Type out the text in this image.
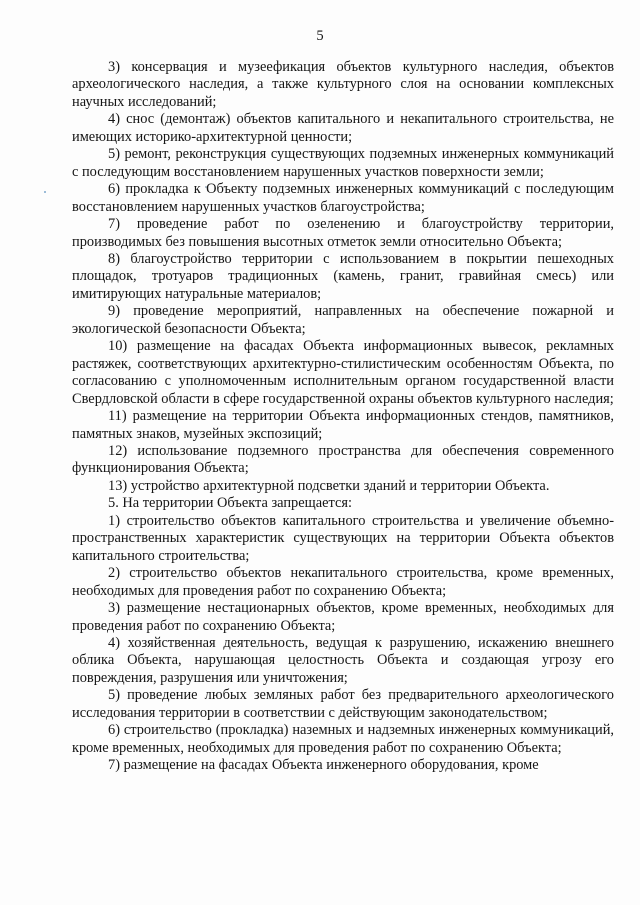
5

3) консервация и музеефикация объектов культурного наследия, объектов археологического наследия, а также культурного слоя на основании комплексных научных исследований;

4) снос (демонтаж) объектов капитального и некапитального строительства, не имеющих историко-архитектурной ценности;

5) ремонт, реконструкция существующих подземных инженерных коммуникаций с последующим восстановлением нарушенных участков поверхности земли;

6) прокладка к Объекту подземных инженерных коммуникаций с последующим восстановлением нарушенных участков благоустройства;

7) проведение работ по озеленению и благоустройству территории, производимых без повышения высотных отметок земли относительно Объекта;

8) благоустройство территории с использованием в покрытии пешеходных площадок, тротуаров традиционных (камень, гранит, гравийная смесь) или имитирующих натуральные материалов;

9) проведение мероприятий, направленных на обеспечение пожарной и экологической безопасности Объекта;

10) размещение на фасадах Объекта информационных вывесок, рекламных растяжек, соответствующих архитектурно-стилистическим особенностям Объекта, по согласованию с уполномоченным исполнительным органом государственной власти Свердловской области в сфере государственной охраны объектов культурного наследия;

11) размещение на территории Объекта информационных стендов, памятников, памятных знаков, музейных экспозиций;

12) использование подземного пространства для обеспечения современного функционирования Объекта;

13) устройство архитектурной подсветки зданий и территории Объекта.

5. На территории Объекта запрещается:

1) строительство объектов капитального строительства и увеличение объемно-пространственных характеристик существующих на территории Объекта объектов капитального строительства;

2) строительство объектов некапитального строительства, кроме временных, необходимых для проведения работ по сохранению Объекта;

3) размещение нестационарных объектов, кроме временных, необходимых для проведения работ по сохранению Объекта;

4) хозяйственная деятельность, ведущая к разрушению, искажению внешнего облика Объекта, нарушающая целостность Объекта и создающая угрозу его повреждения, разрушения или уничтожения;

5) проведение любых земляных работ без предварительного археологического исследования территории в соответствии с действующим законодательством;

6) строительство (прокладка) наземных и надземных инженерных коммуникаций, кроме временных, необходимых для проведения работ по сохранению Объекта;

7) размещение на фасадах Объекта инженерного оборудования, кроме
